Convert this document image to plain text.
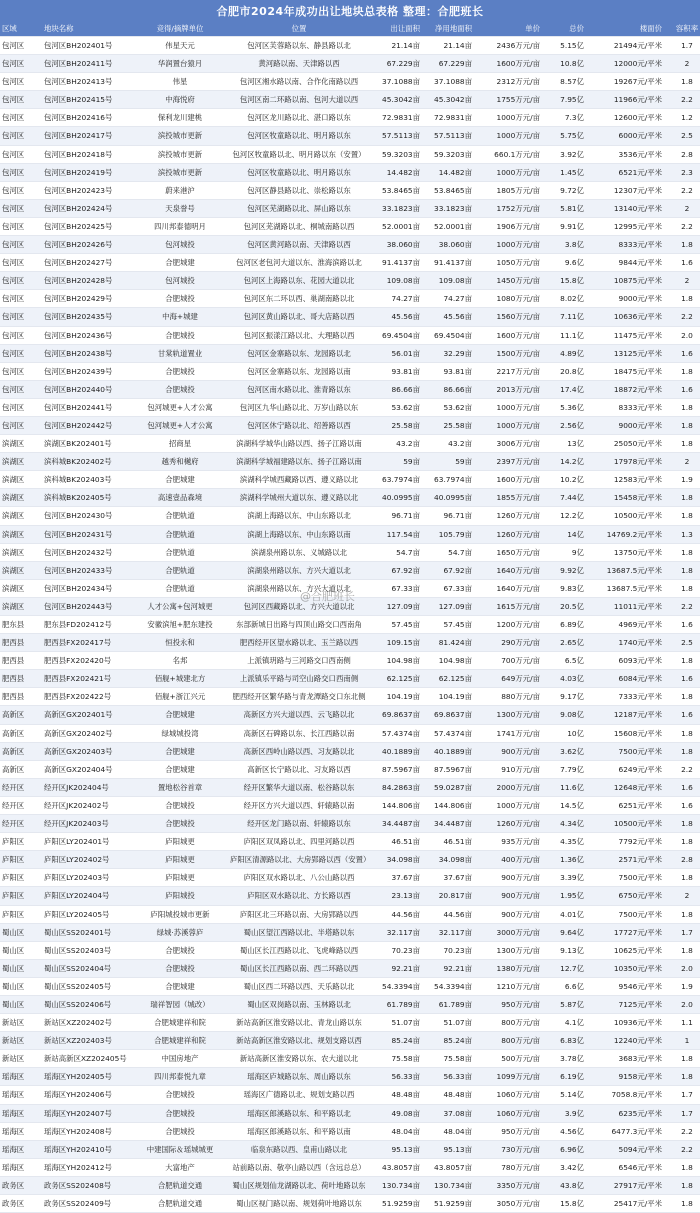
合肥市2024年成功出让地块总表格 整理：合肥班长
区域	地块名称	竞得/摘牌单位	位置	出让面积	净用地面积	单价	总价	楼面价	容积率
包河区	包河区BH202401号	伟星天元	包河区芙蓉路以东、静县路以北	21.14亩	21.14亩	2436万元/亩	5.15亿	21494元/平米	1.7
包河区	包河区BH202411号	华润置台猿月	黄河路以南、天津路以西	67.229亩	67.229亩	1600万元/亩	10.8亿	12000元/平米	2
包河区	包河区BH202413号	伟星	包河区湘水路以南、合作化南路以西	37.1088亩	37.1088亩	2312万元/亩	8.57亿	19267元/平米	1.8
包河区	包河区BH202415号	中海悦府	包河区南二环路以南、包河大道以西	45.3042亩	45.3042亩	1755万元/亩	7.95亿	11966元/平米	2.2
包河区	包河区BH202416号	保利龙川建桃	包河区龙川路以北、湛口路以东	72.9831亩	72.9831亩	1000万元/亩	7.3亿	12600元/平米	1.2
包河区	包河区BH202417号	滨投城市更新	包河区牧童路以北、明月路以东	57.5113亩	57.5113亩	1000万元/亩	5.75亿	6000元/平米	2.5
包河区	包河区BH202418号	滨投城市更新	包河区牧童路以北、明月路以东（安置）	59.3203亩	59.3203亩	660.1万元/亩	3.92亿	3536元/平米	2.8
包河区	包河区BH202419号	滨投城市更新	包河区牧童路以北、明月路以东	14.482亩	14.482亩	1000万元/亩	1.45亿	6521元/平米	2.3
包河区	包河区BH202423号	蔚来港沪	包河区静县路以北、崇松路以东	53.8465亩	53.8465亩	1805万元/亩	9.72亿	12307元/平米	2.2
包河区	包河区BH202424号	天泉誉号	包河区芜湖路以北、屏山路以东	33.1823亩	33.1823亩	1752万元/亩	5.81亿	13140元/平米	2
包河区	包河区BH202425号	四川邦泰德明月	包河区芜湖路以北、桐城南路以西	52.0001亩	52.0001亩	1906万元/亩	9.91亿	12995元/平米	2.2
包河区	包河区BH202426号	包河城投	包河区黄河路以南、天津路以西	38.060亩	38.060亩	1000万元/亩	3.8亿	8333元/平米	1.8
包河区	包河区BH202427号	合肥城建	包河区老包河大道以东、淮海滨路以北	91.4137亩	91.4137亩	1050万元/亩	9.6亿	9844元/平米	1.6
包河区	包河区BH202428号	包河城投	包河区上海路以东、花园大道以北	109.08亩	109.08亩	1450万元/亩	15.8亿	10875元/平米	2
包河区	包河区BH202429号	合肥城投	包河区东二环以西、巢湖南路以北	74.27亩	74.27亩	1080万元/亩	8.02亿	9000元/平米	1.8
包河区	包河区BH202435号	中海+城建	包河区黄山路以北、哥大店路以西	45.56亩	45.56亩	1560万元/亩	7.11亿	10636元/平米	2.2
包河区	包河区BH202436号	合肥城投	包河区振漾江路以北、大理路以西	69.4504亩	69.4504亩	1600万元/亩	11.1亿	11475元/平米	2.0
包河区	包河区BH202438号	甘棠轨道置业	包河区金寨路以东、龙园路以北	56.01亩	32.29亩	1500万元/亩	4.89亿	13125元/平米	1.6
包河区	包河区BH202439号	合肥城投	包河区金寨路以东、龙园路以南	93.81亩	93.81亩	2217万元/亩	20.8亿	18475元/平米	1.8
包河区	包河区BH202440号	合肥城投	包河区南水路以北、淮青路以东	86.66亩	86.66亩	2013万元/亩	17.4亿	18872元/平米	1.6
包河区	包河区BH202441号	包河城更+人才公寓	包河区九华山路以北、万岁山路以东	53.62亩	53.62亩	1000万元/亩	5.36亿	8333元/平米	1.8
包河区	包河区BH202442号	包河城更+人才公寓	包河区休宁路以北、绍善路以西	25.58亩	25.58亩	1000万元/亩	2.56亿	9000元/平米	1.8
滨湖区	滨湖区BK202401号	招商星	滨湖科学城华山路以西、扬子江路以南	43.2亩	43.2亩	3006万元/亩	13亿	25050元/平米	1.8
滨湖区	滨科城BK202402号	越秀和樾府	滨湖科学城福建路以东、扬子江路以南	59亩	59亩	2397万元/亩	14.2亿	17978元/平米	2
滨湖区	滨科城BK202403号	合肥城建	滨湖科学城西藏路以西、遵义路以北	63.7974亩	63.7974亩	1600万元/亩	10.2亿	12583元/平米	1.9
滨湖区	滨科城BK202405号	高速壹品森境	滨湖科学城州大道以东、遵义路以北	40.0995亩	40.0995亩	1855万元/亩	7.44亿	15458元/平米	1.8
滨湖区	包河区BH202430号	合肥轨道	滨湖上海路以东、中山东路以北	96.71亩	96.71亩	1260万元/亩	12.2亿	10500元/平米	1.8
滨湖区	包河区BH202431号	合肥轨道	滨湖上海路以东、中山东路以南	117.54亩	105.79亩	1260万元/亩	14亿	14769.2元/平米	1.3
滨湖区	包河区BH202432号	合肥轨道	滨湖泉州路以东、义城路以北	54.7亩	54.7亩	1650万元/亩	9亿	13750元/平米	1.8
滨湖区	包河区BH202433号	合肥轨道	滨湖泉州路以东、方兴大道以北	67.92亩	67.92亩	1640万元/亩	9.92亿	13687.5元/平米	1.8
滨湖区	包河区BH202434号	合肥轨道	滨湖泉州路以东、方兴大道以北	67.33亩	67.33亩	1640万元/亩	9.83亿	13687.5元/平米	1.8
滨湖区	包河区BH202443号	人才公寓+包河城更	包河区西藏路以北、方兴大道以北	127.09亩	127.09亩	1615万元/亩	20.5亿	11011元/平米	2.2
肥东县	肥东县FD202412号	安徽滨旭+肥东建投	东部新城日出路与四顶山路交口西南角	57.45亩	57.45亩	1200万元/亩	6.89亿	4969元/平米	1.6
肥西县	肥西县FX202417号	恒投永和	肥西经开区望水路以北、玉兰路以西	109.15亩	81.424亩	290万元/亩	2.65亿	1740元/平米	2.5
肥西县	肥西县FX202420号	名邦	上派镇玥路与三河路交口西南侧	104.98亩	104.98亩	700万元/亩	6.5亿	6093元/平米	1.8
肥西县	肥西县FX202421号	佰舰+城建北方	上派镇乐平路与司空山路交口西南侧	62.125亩	62.125亩	649万元/亩	4.03亿	6084元/平米	1.6
肥西县	肥西县FX202422号	佰舰+浙江兴元	肥西经开区繁华路与青龙潭路交口东北侧	104.19亩	104.19亩	880万元/亩	9.17亿	7333元/平米	1.8
高新区	高新区GX202401号	合肥城建	高新区方兴大道以西、云飞路以北	69.8637亩	69.8637亩	1300万元/亩	9.08亿	12187元/平米	1.6
高新区	高新区GX202402号	绿城城投湾	高新区石碑路以东、长江西路以南	57.4374亩	57.4374亩	1741万元/亩	10亿	15608元/平米	1.8
高新区	高新区GX202403号	合肥城建	高新区西岭山路以西、习友路以北	40.1889亩	40.1889亩	900万元/亩	3.62亿	7500元/平米	1.8
高新区	高新区GX202404号	合肥城建	高新区长宁路以北、习友路以西	87.5967亩	87.5967亩	910万元/亩	7.79亿	6249元/平米	2.2
经开区	经开区JK202404号	置地松谷首章	经开区繁华大道以南、松谷路以东	84.2863亩	59.0287亩	2000万元/亩	11.6亿	12648元/平米	1.6
经开区	经开区JK202402号	合肥城投	经开区方兴大道以西、轩辕路以南	144.806亩	144.806亩	1000万元/亩	14.5亿	6251元/平米	1.6
经开区	经开区JK202403号	合肥城投	经开区龙门路以南、轩辕路以东	34.4487亩	34.4487亩	1260万元/亩	4.34亿	10500元/平米	1.8
庐阳区	庐阳区LY202401号	庐阳城更	庐阳区双凤路以北、四里河路以西	46.51亩	46.51亩	935万元/亩	4.35亿	7792元/平米	1.8
庐阳区	庐阳区LY202402号	庐阳城更	庐阳区清源路以北、大房郢路以西（安置）	34.098亩	34.098亩	400万元/亩	1.36亿	2571元/平米	2.8
庐阳区	庐阳区LY202403号	庐阳城更	庐阳区双水路以北、八公山路以西	37.67亩	37.67亩	900万元/亩	3.39亿	7500元/平米	1.8
庐阳区	庐阳区LY202404号	庐阳城投	庐阳区双水路以北、方长路以西	23.13亩	20.817亩	900万元/亩	1.95亿	6750元/平米	2
庐阳区	庐阳区LY202405号	庐阳城投城市更新	庐阳区北三环路以南、大房郢路以西	44.56亩	44.56亩	900万元/亩	4.01亿	7500元/平米	1.8
蜀山区	蜀山区SS202401号	绿城·苏溪蓉庐	蜀山区望江西路以北、半塔路以东	32.117亩	32.117亩	3000万元/亩	9.64亿	17727元/平米	1.7
蜀山区	蜀山区SS202403号	合肥城投	蜀山区长江西路以北、飞虎峰路以西	70.23亩	70.23亩	1300万元/亩	9.13亿	10625元/平米	1.8
蜀山区	蜀山区SS202404号	合肥城投	蜀山区长江西路以南、西二环路以西	92.21亩	92.21亩	1380万元/亩	12.7亿	10350元/平米	2.0
蜀山区	蜀山区SS202405号	合肥城建	蜀山区西二环路以西、天乐路以北	54.3394亩	54.3394亩	1210万元/亩	6.6亿	9546元/平米	1.9
蜀山区	蜀山区SS202406号	瑞祥智园（城改）	蜀山区双岗路以南、玉林路以北	61.789亩	61.789亩	950万元/亩	5.87亿	7125元/平米	2.0
新站区	新站区XZ202402号	合肥城建祥和院	新站高新区淮安路以北、青龙山路以东	51.07亩	51.07亩	800万元/亩	4.1亿	10936元/平米	1.1
新站区	新站区XZ202403号	合肥城建祥和院	新站高新区淮安路以北、规划支路以西	85.24亩	85.24亩	800万元/亩	6.83亿	12240元/平米	1
新站区	新站高新区XZ202405号	中国房地产	新站高新区淮安路以东、农大道以北	75.58亩	75.58亩	500万元/亩	3.78亿	3683元/平米	1.8
瑶海区	瑶海区YH202405号	四川邦泰悦九章	瑶海区庐城路以东、周山路以东	56.33亩	56.33亩	1099万元/亩	6.19亿	9158元/平米	1.8
瑶海区	瑶海区YH202406号	合肥城投	瑶海区广德路以北、规划支路以西	48.48亩	48.48亩	1060万元/亩	5.14亿	7058.8元/平米	1.7
瑶海区	瑶海区YH202407号	合肥城投	瑶海区郎溪路以东、和平路以北	49.08亩	37.08亩	1060万元/亩	3.9亿	6235元/平米	1.7
瑶海区	瑶海区YH202408号	合肥城投	瑶海区郎溪路以东、和平路以南	48.04亩	48.04亩	950万元/亩	4.56亿	6477.3元/平米	2.2
瑶海区	瑶海区YH202410号	中建国际＆瑶城城更	临泉东路以西、皇甫山路以北	95.13亩	95.13亩	730万元/亩	6.96亿	5094元/平米	2.2
瑶海区	瑶海区YH202412号	大富地产	站前路以南、敬亭山路以西（含远总总）	43.8057亩	43.8057亩	780万元/亩	3.42亿	6546元/平米	1.8
政务区	政务区SS202408号	合肥轨道交通	蜀山区规划仙龙湖路以北、荷叶地路以东	130.734亩	130.734亩	3350万元/亩	43.8亿	27917元/平米	1.8
政务区	政务区SS202409号	合肥轨道交通	蜀山区视门路以南、规划荷叶地路以东	51.9259亩	51.9259亩	3050万元/亩	15.8亿	25417元/平米	1.8
@合肥班长
